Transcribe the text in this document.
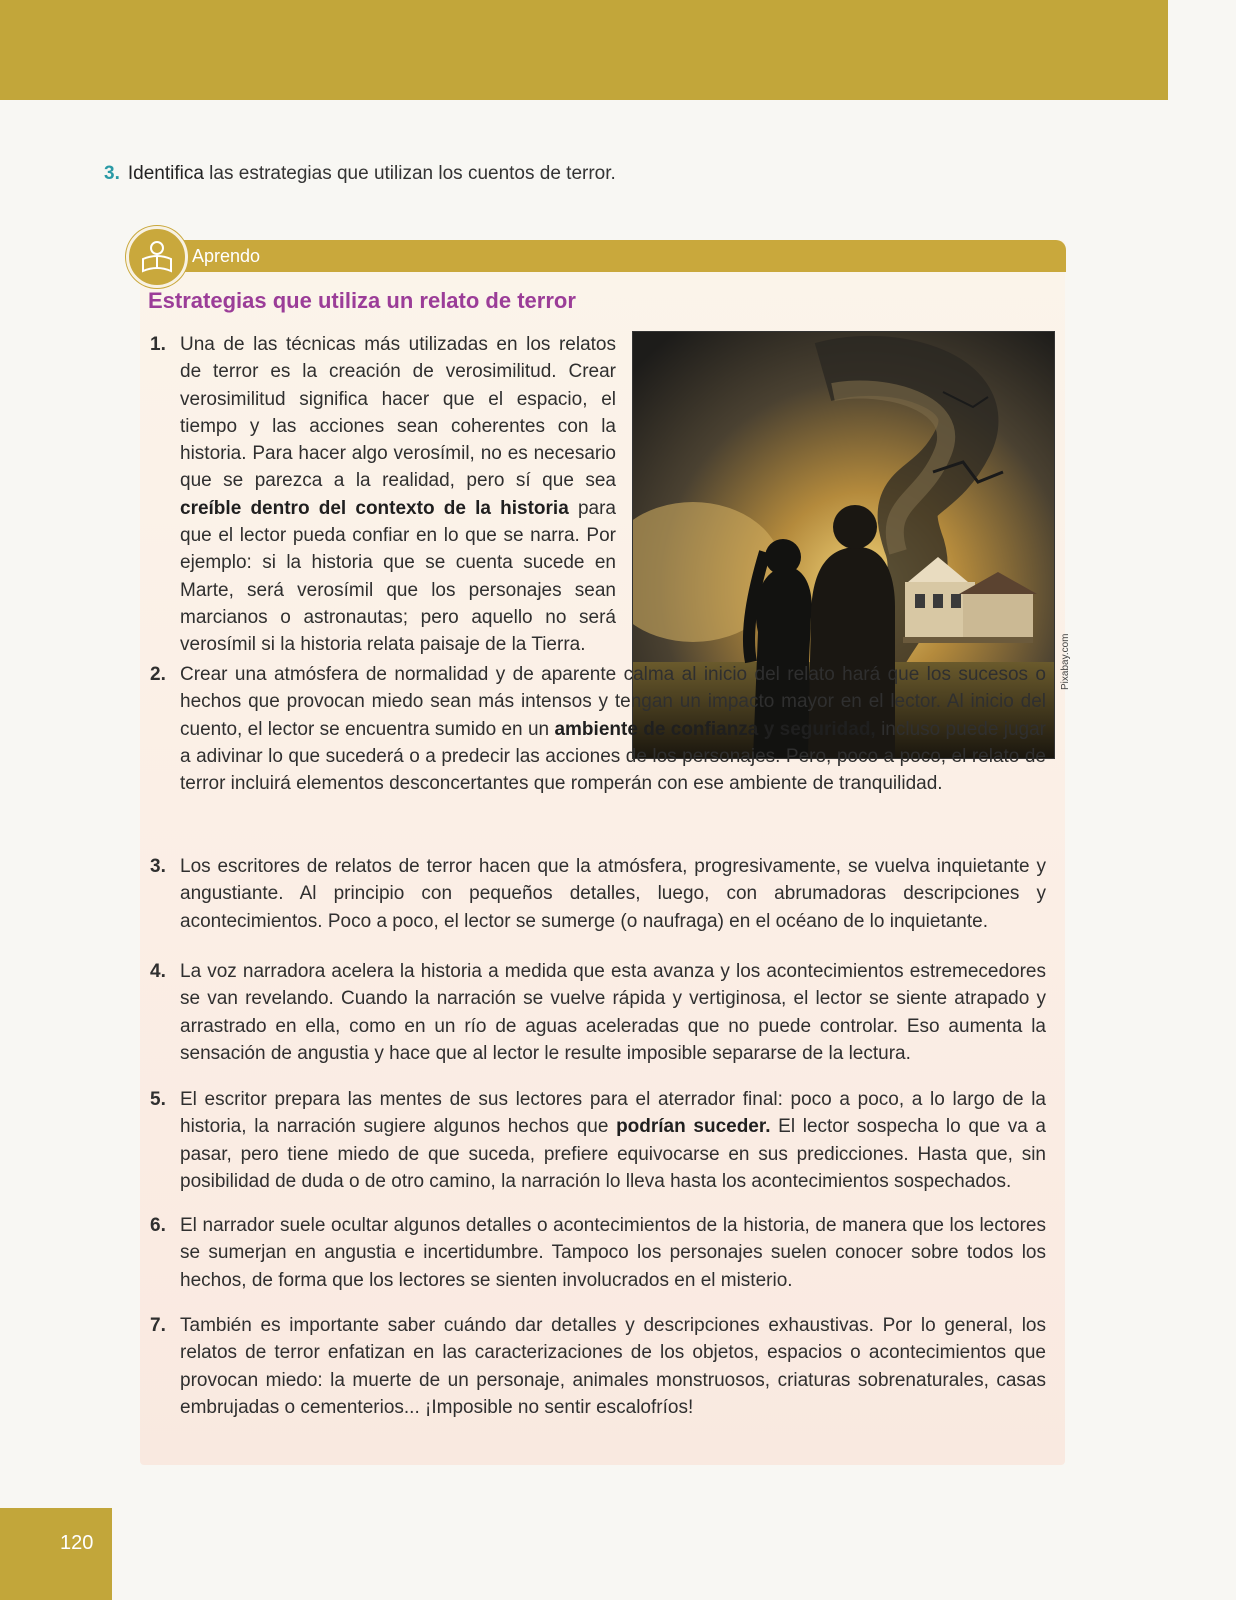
3. Identifica las estrategias que utilizan los cuentos de terror.
Aprendo
Estrategias que utiliza un relato de terror
Pixabay.com
1. Una de las técnicas más utilizadas en los relatos de terror es la creación de verosimilitud. Crear verosimilitud significa hacer que el espacio, el tiempo y las acciones sean coherentes con la historia. Para hacer algo verosímil, no es necesario que se parezca a la realidad, pero sí que sea creíble dentro del contexto de la historia para que el lector pueda confiar en lo que se narra. Por ejemplo: si la historia que se cuenta sucede en Marte, será verosímil que los personajes sean marcianos o astronautas; pero aquello no será verosímil si la historia relata paisaje de la Tierra.
2. Crear una atmósfera de normalidad y de aparente calma al inicio del relato hará que los sucesos o hechos que provocan miedo sean más intensos y tengan un impacto mayor en el lector. Al inicio del cuento, el lector se encuentra sumido en un ambiente de confianza y seguridad, incluso puede jugar a adivinar lo que sucederá o a predecir las acciones de los personajes. Pero, poco a poco, el relato de terror incluirá elementos desconcertantes que romperán con ese ambiente de tranquilidad.
3. Los escritores de relatos de terror hacen que la atmósfera, progresivamente, se vuelva inquietante y angustiante. Al principio con pequeños detalles, luego, con abrumadoras descripciones y acontecimientos. Poco a poco, el lector se sumerge (o naufraga) en el océano de lo inquietante.
4. La voz narradora acelera la historia a medida que esta avanza y los acontecimientos estremecedores se van revelando. Cuando la narración se vuelve rápida y vertiginosa, el lector se siente atrapado y arrastrado en ella, como en un río de aguas aceleradas que no puede controlar. Eso aumenta la sensación de angustia y hace que al lector le resulte imposible separarse de la lectura.
5. El escritor prepara las mentes de sus lectores para el aterrador final: poco a poco, a lo largo de la historia, la narración sugiere algunos hechos que podrían suceder. El lector sospecha lo que va a pasar, pero tiene miedo de que suceda, prefiere equivocarse en sus predicciones. Hasta que, sin posibilidad de duda o de otro camino, la narración lo lleva hasta los acontecimientos sospechados.
6. El narrador suele ocultar algunos detalles o acontecimientos de la historia, de manera que los lectores se sumerjan en angustia e incertidumbre. Tampoco los personajes suelen conocer sobre todos los hechos, de forma que los lectores se sienten involucrados en el misterio.
7. También es importante saber cuándo dar detalles y descripciones exhaustivas. Por lo general, los relatos de terror enfatizan en las caracterizaciones de los objetos, espacios o acontecimientos que provocan miedo: la muerte de un personaje, animales monstruosos, criaturas sobrenaturales, casas embrujadas o cementerios... ¡Imposible no sentir escalofríos!
120
